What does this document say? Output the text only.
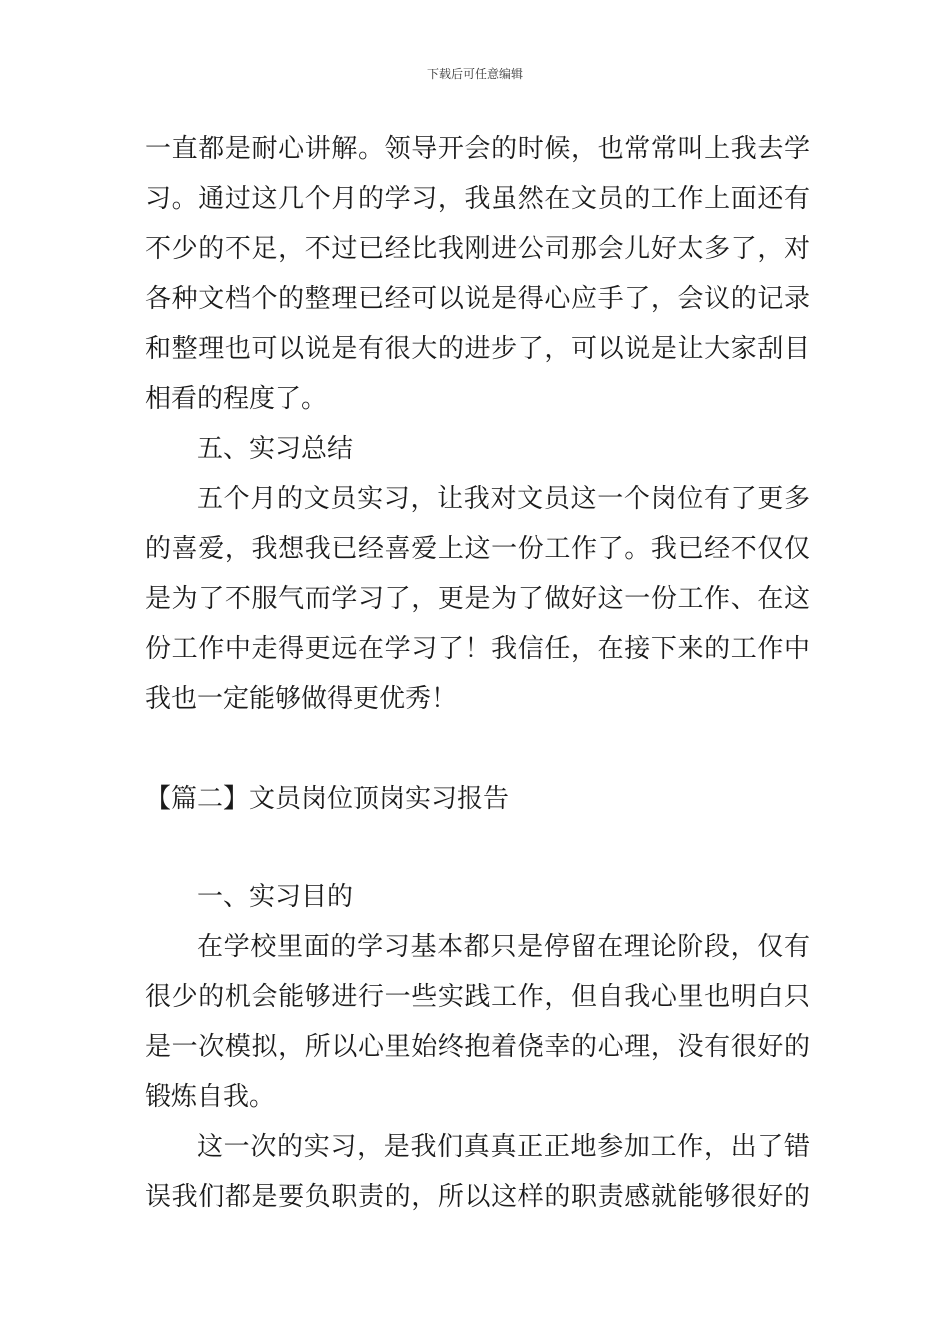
下载后可任意编辑
一直都是耐心讲解。领导开会的时候，也常常叫上我去学
习。通过这几个月的学习，我虽然在文员的工作上面还有
不少的不足，不过已经比我刚进公司那会儿好太多了，对
各种文档个的整理已经可以说是得心应手了，会议的记录
和整理也可以说是有很大的进步了，可以说是让大家刮目
相看的程度了。
五、实习总结
五个月的文员实习，让我对文员这一个岗位有了更多
的喜爱，我想我已经喜爱上这一份工作了。我已经不仅仅
是为了不服气而学习了，更是为了做好这一份工作、在这
份工作中走得更远在学习了！我信任，在接下来的工作中
我也一定能够做得更优秀！
【篇二】文员岗位顶岗实习报告
一、实习目的
在学校里面的学习基本都只是停留在理论阶段，仅有
很少的机会能够进行一些实践工作，但自我心里也明白只
是一次模拟，所以心里始终抱着侥幸的心理，没有很好的
锻炼自我。
这一次的实习，是我们真真正正地参加工作，出了错
误我们都是要负职责的，所以这样的职责感就能够很好的
